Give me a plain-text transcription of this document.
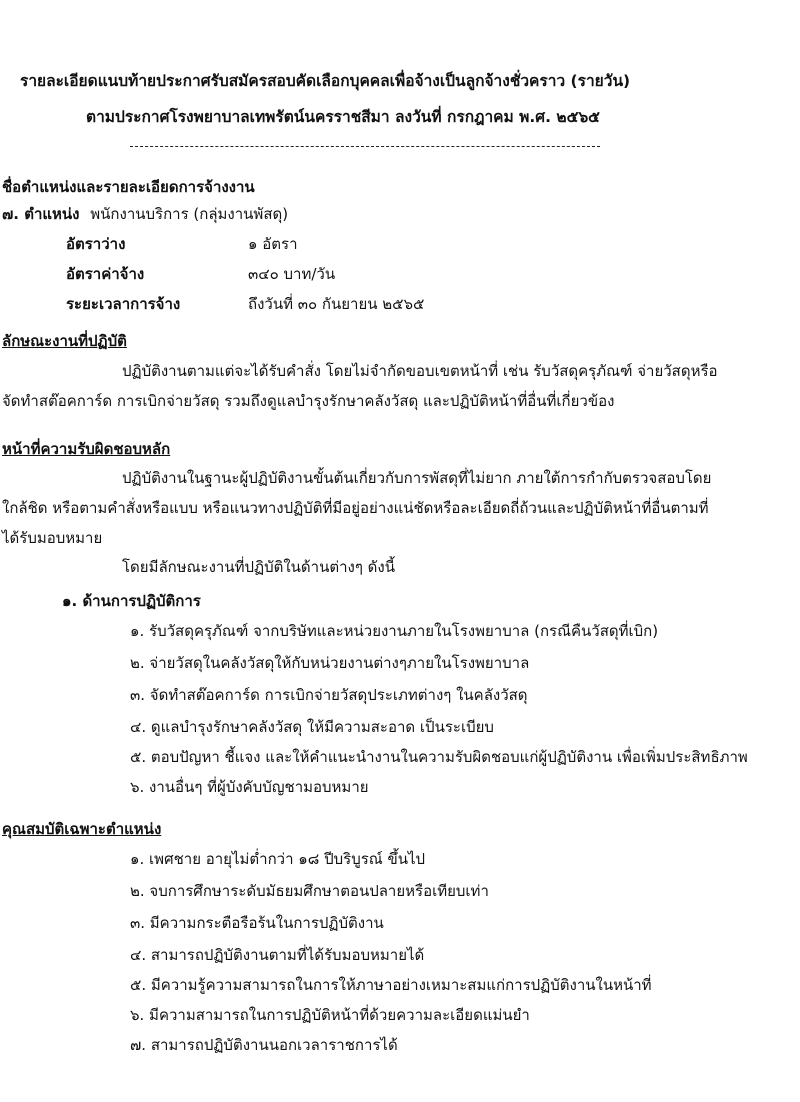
รายละเอียดแนบท้ายประกาศรับสมัครสอบคัดเลือกบุคคลเพื่อจ้างเป็นลูกจ้างชั่วคราว (รายวัน)
ตามประกาศโรงพยาบาลเทพรัตน์นครราชสีมา ลงวันที่ กรกฎาคม พ.ศ. ๒๕๖๕
ชื่อตำแหน่งและรายละเอียดการจ้างงาน
๗. ตำแหน่ง พนักงานบริการ (กลุ่มงานพัสดุ)
อัตราว่าง	๑ อัตรา
อัตราค่าจ้าง	๓๔๐ บาท/วัน
ระยะเวลาการจ้าง	ถึงวันที่ ๓๐ กันยายน ๒๕๖๕
ลักษณะงานที่ปฏิบัติ
ปฏิบัติงานตามแต่จะได้รับคำสั่ง โดยไม่จำกัดขอบเขตหน้าที่ เช่น รับวัสดุครุภัณฑ์ จ่ายวัสดุหรือ
จัดทำสต๊อคการ์ด การเบิกจ่ายวัสดุ รวมถึงดูแลบำรุงรักษาคลังวัสดุ และปฏิบัติหน้าที่อื่นที่เกี่ยวข้อง
หน้าที่ความรับผิดชอบหลัก
ปฏิบัติงานในฐานะผู้ปฏิบัติงานขั้นต้นเกี่ยวกับการพัสดุที่ไม่ยาก ภายใต้การกำกับตรวจสอบโดย
ใกล้ชิด หรือตามคำสั่งหรือแบบ หรือแนวทางปฏิบัติที่มีอยู่อย่างแน่ชัดหรือละเอียดถี่ถ้วนและปฏิบัติหน้าที่อื่นตามที่
ได้รับมอบหมาย
โดยมีลักษณะงานที่ปฏิบัติในด้านต่างๆ ดังนี้
๑. ด้านการปฏิบัติการ
๑. รับวัสดุครุภัณฑ์ จากบริษัทและหน่วยงานภายในโรงพยาบาล (กรณีคืนวัสดุที่เบิก)
๒. จ่ายวัสดุในคลังวัสดุให้กับหน่วยงานต่างๆภายในโรงพยาบาล
๓. จัดทำสต๊อคการ์ด การเบิกจ่ายวัสดุประเภทต่างๆ ในคลังวัสดุ
๔. ดูแลบำรุงรักษาคลังวัสดุ ให้มีความสะอาด เป็นระเบียบ
๕. ตอบปัญหา ชี้แจง และให้คำแนะนำงานในความรับผิดชอบแก่ผู้ปฏิบัติงาน เพื่อเพิ่มประสิทธิภาพ
๖. งานอื่นๆ ที่ผู้บังคับบัญชามอบหมาย
คุณสมบัติเฉพาะตำแหน่ง
๑. เพศชาย อายุไม่ต่ำกว่า ๑๘ ปีบริบูรณ์ ขึ้นไป
๒. จบการศึกษาระดับมัธยมศึกษาตอนปลายหรือเทียบเท่า
๓. มีความกระตือรือร้นในการปฏิบัติงาน
๔. สามารถปฏิบัติงานตามที่ได้รับมอบหมายได้
๕. มีความรู้ความสามารถในการให้ภาษาอย่างเหมาะสมแก่การปฏิบัติงานในหน้าที่
๖. มีความสามารถในการปฏิบัติหน้าที่ด้วยความละเอียดแม่นยำ
๗. สามารถปฏิบัติงานนอกเวลาราชการได้
